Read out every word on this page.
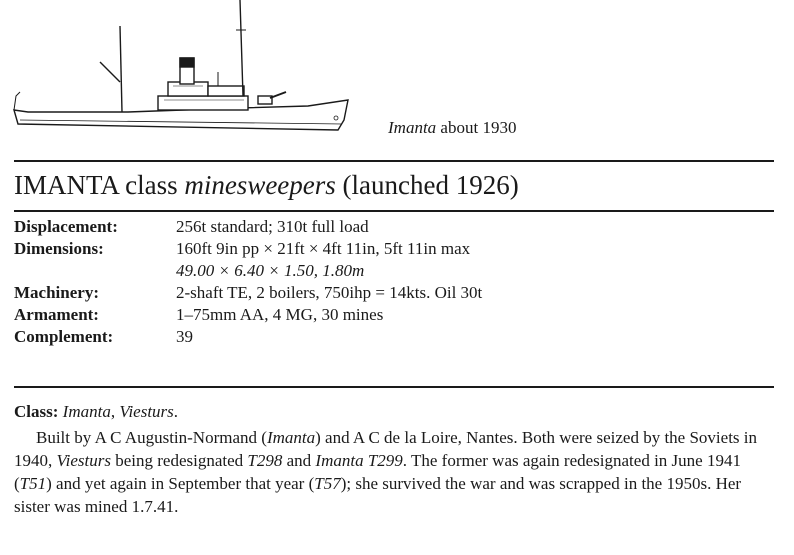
Imanta about 1930
IMANTA class minesweepers (launched 1926)
Displacement:	256t standard; 310t full load
Dimensions:	160ft 9in pp × 21ft × 4ft 11in, 5ft 11in max
49.00 × 6.40 × 1.50, 1.80m
Machinery:	2-shaft TE, 2 boilers, 750ihp = 14kts. Oil 30t
Armament:	1–75mm AA, 4 MG, 30 mines
Complement:	39
Class: Imanta, Viesturs.

Built by A C Augustin-Normand (Imanta) and A C de la Loire, Nantes. Both were seized by the Soviets in 1940, Viesturs being redesignated T298 and Imanta T299. The former was again redesignated in June 1941 (T51) and yet again in September that year (T57); she survived the war and was scrapped in the 1950s. Her sister was mined 1.7.41.
